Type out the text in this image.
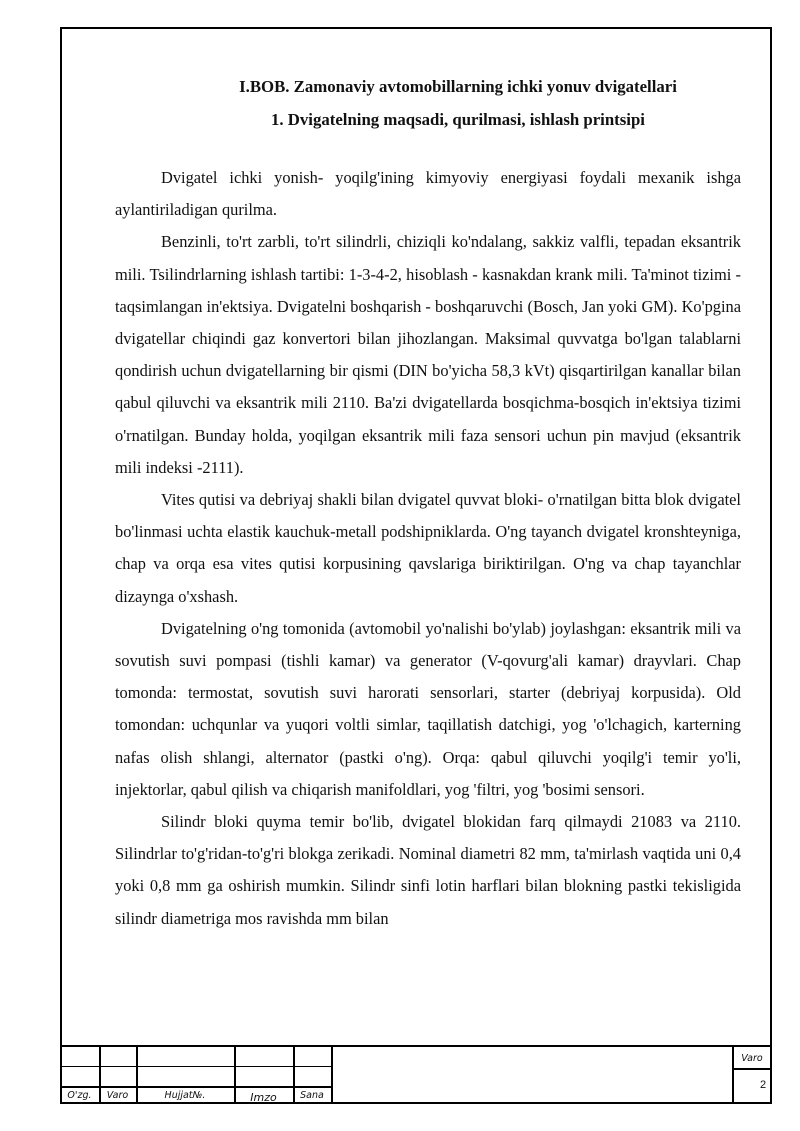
I.BOB. Zamonaviy avtomobillarning ichki yonuv dvigatellari

1. Dvigatelning maqsadi, qurilmasi, ishlash printsipi

Dvigatel ichki yonish- yoqilg'ining kimyoviy energiyasi foydali mexanik ishga aylantiriladigan qurilma.

Benzinli, to'rt zarbli, to'rt silindrli, chiziqli ko'ndalang, sakkiz valfli, tepadan eksantrik mili. Tsilindrlarning ishlash tartibi: 1-3-4-2, hisoblash - kasnakdan krank mili. Ta'minot tizimi - taqsimlangan in'ektsiya. Dvigatelni boshqarish - boshqaruvchi (Bosch, Jan yoki GM). Ko'pgina dvigatellar chiqindi gaz konvertori bilan jihozlangan. Maksimal quvvatga bo'lgan talablarni qondirish uchun dvigatellarning bir qismi (DIN bo'yicha 58,3 kVt) qisqartirilgan kanallar bilan qabul qiluvchi va eksantrik mili 2110. Ba'zi dvigatellarda bosqichma-bosqich in'ektsiya tizimi o'rnatilgan. Bunday holda, yoqilgan eksantrik mili faza sensori uchun pin mavjud (eksantrik mili indeksi -2111).

Vites qutisi va debriyaj shakli bilan dvigatel quvvat bloki- o'rnatilgan bitta blok dvigatel bo'linmasi uchta elastik kauchuk-metall podshipniklarda. O'ng tayanch dvigatel kronshteyniga, chap va orqa esa vites qutisi korpusining qavslariga biriktirilgan. O'ng va chap tayanchlar dizaynga o'xshash.

Dvigatelning o'ng tomonida (avtomobil yo'nalishi bo'ylab) joylashgan: eksantrik mili va sovutish suvi pompasi (tishli kamar) va generator (V-qovurg'ali kamar) drayvlari. Chap tomonda: termostat, sovutish suvi harorati sensorlari, starter (debriyaj korpusida). Old tomondan: uchqunlar va yuqori voltli simlar, taqillatish datchigi, yog 'o'lchagich, karterning nafas olish shlangi, alternator (pastki o'ng). Orqa: qabul qiluvchi yoqilg'i temir yo'li, injektorlar, qabul qilish va chiqarish manifoldlari, yog 'filtri, yog 'bosimi sensori.

Silindr bloki quyma temir bo'lib, dvigatel blokidan farq qilmaydi 21083 va 2110. Silindrlar to'g'ridan-to'g'ri blokga zerikadi. Nominal diametri 82 mm, ta'mirlash vaqtida uni 0,4 yoki 0,8 mm ga oshirish mumkin. Silindr sinfi lotin harflari bilan blokning pastki tekisligida silindr diametriga mos ravishda mm bilan

O'zg.	Varo	Hujjat№.	Imzo	Sana
Varo
2
